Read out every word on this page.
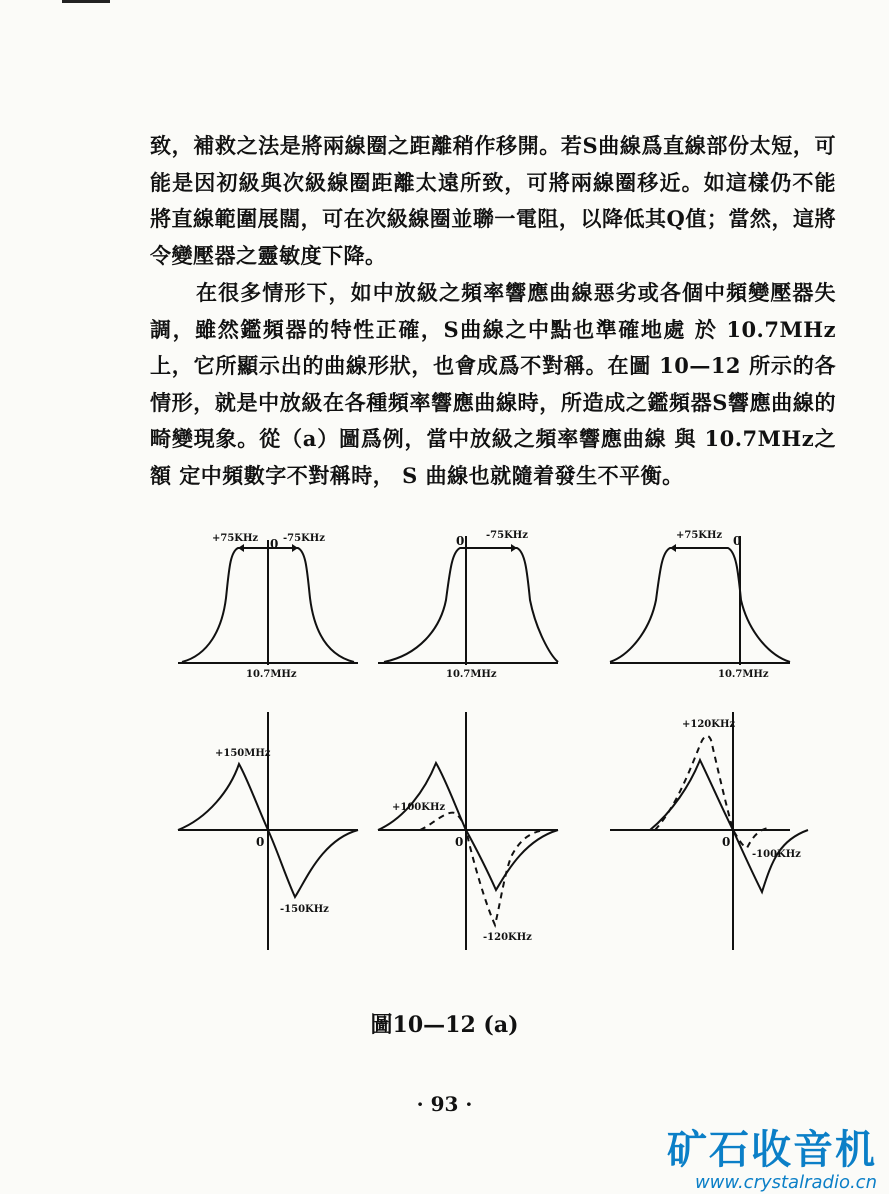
致，補救之法是將兩線圈之距離稍作移開。若S曲線爲直線部份太短，可能是因初級與次級線圈距離太遠所致，可將兩線圈移近。如這樣仍不能將直線範圍展闊，可在次級線圈並聯一電阻，以降低其Q值；當然，這將令變壓器之靈敏度下降。

在很多情形下，如中放級之頻率響應曲線惡劣或各個中頻變壓器失調，雖然鑑頻器的特性正確，S曲線之中點也準確地處 於 10.7MHz上，它所顯示出的曲線形狀，也會成爲不對稱。在圖 10—12 所示的各情形，就是中放級在各種頻率響應曲線時，所造成之鑑頻器S響應曲線的畸變現象。從（a）圖爲例，當中放級之頻率響應曲線 與 10.7MHz之 額 定中頻數字不對稱時， S 曲線也就隨着發生不平衡。

+75KHz 0 -75KHz
10.7MHz
0 -75KHz
10.7MHz
+75KHz 0
10.7MHz
+150MHz
0
-150KHz
+100KHz
0
-120KHz
+120KHz
0
-100KHz
圖10—12 (a)
· 93 ·
矿石收音机
www.crystalradio.cn
